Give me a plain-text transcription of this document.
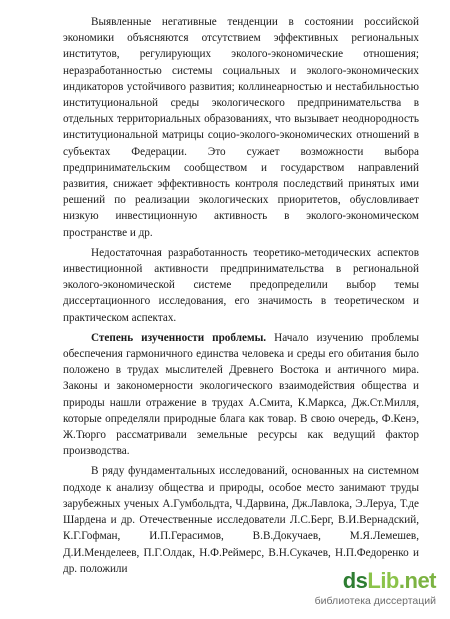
Выявленные негативные тенденции в состоянии российской экономики объясняются отсутствием эффективных региональных институтов, регулирующих эколого-экономические отношения; неразработанностью системы социальных и эколого-экономических индикаторов устойчивого развития; коллинеарностью и нестабильностью институциональной среды экологического предпринимательства в отдельных территориальных образованиях, что вызывает неоднородность институциональной матрицы социо-эколого-экономических отношений в субъектах Федерации. Это сужает возможности выбора предпринимательским сообществом и государством направлений развития, снижает эффективность контроля последствий принятых ими решений по реализации экологических приоритетов, обусловливает низкую инвестиционную активность в эколого-экономическом пространстве и др.

Недостаточная разработанность теоретико-методических аспектов инвестиционной активности предпринимательства в региональной эколого-экономической системе предопределили выбор темы диссертационного исследования, его значимость в теоретическом и практическом аспектах.

Степень изученности проблемы. Начало изучению проблемы обеспечения гармоничного единства человека и среды его обитания было положено в трудах мыслителей Древнего Востока и античного мира. Законы и закономерности экологического взаимодействия общества и природы нашли отражение в трудах А.Смита, К.Маркса, Дж.Ст.Милля, которые определяли природные блага как товар. В свою очередь, Ф.Кенэ, Ж.Тюрго рассматривали земельные ресурсы как ведущий фактор производства.

В ряду фундаментальных исследований, основанных на системном подходе к анализу общества и природы, особое место занимают труды зарубежных ученых А.Гумбольдта, Ч.Дарвина, Дж.Лавлока, Э.Леруа, Т.де Шардена и др. Отечественные исследователи Л.С.Берг, В.И.Вернадский, К.Г.Гофман, И.П.Герасимов, В.В.Докучаев, М.Я.Лемешев, Д.И.Менделеев, П.Г.Олдак, Н.Ф.Реймерс, В.Н.Сукачев, Н.П.Федоренко и др. положили	dsLib.net
библиотека диссертаций
